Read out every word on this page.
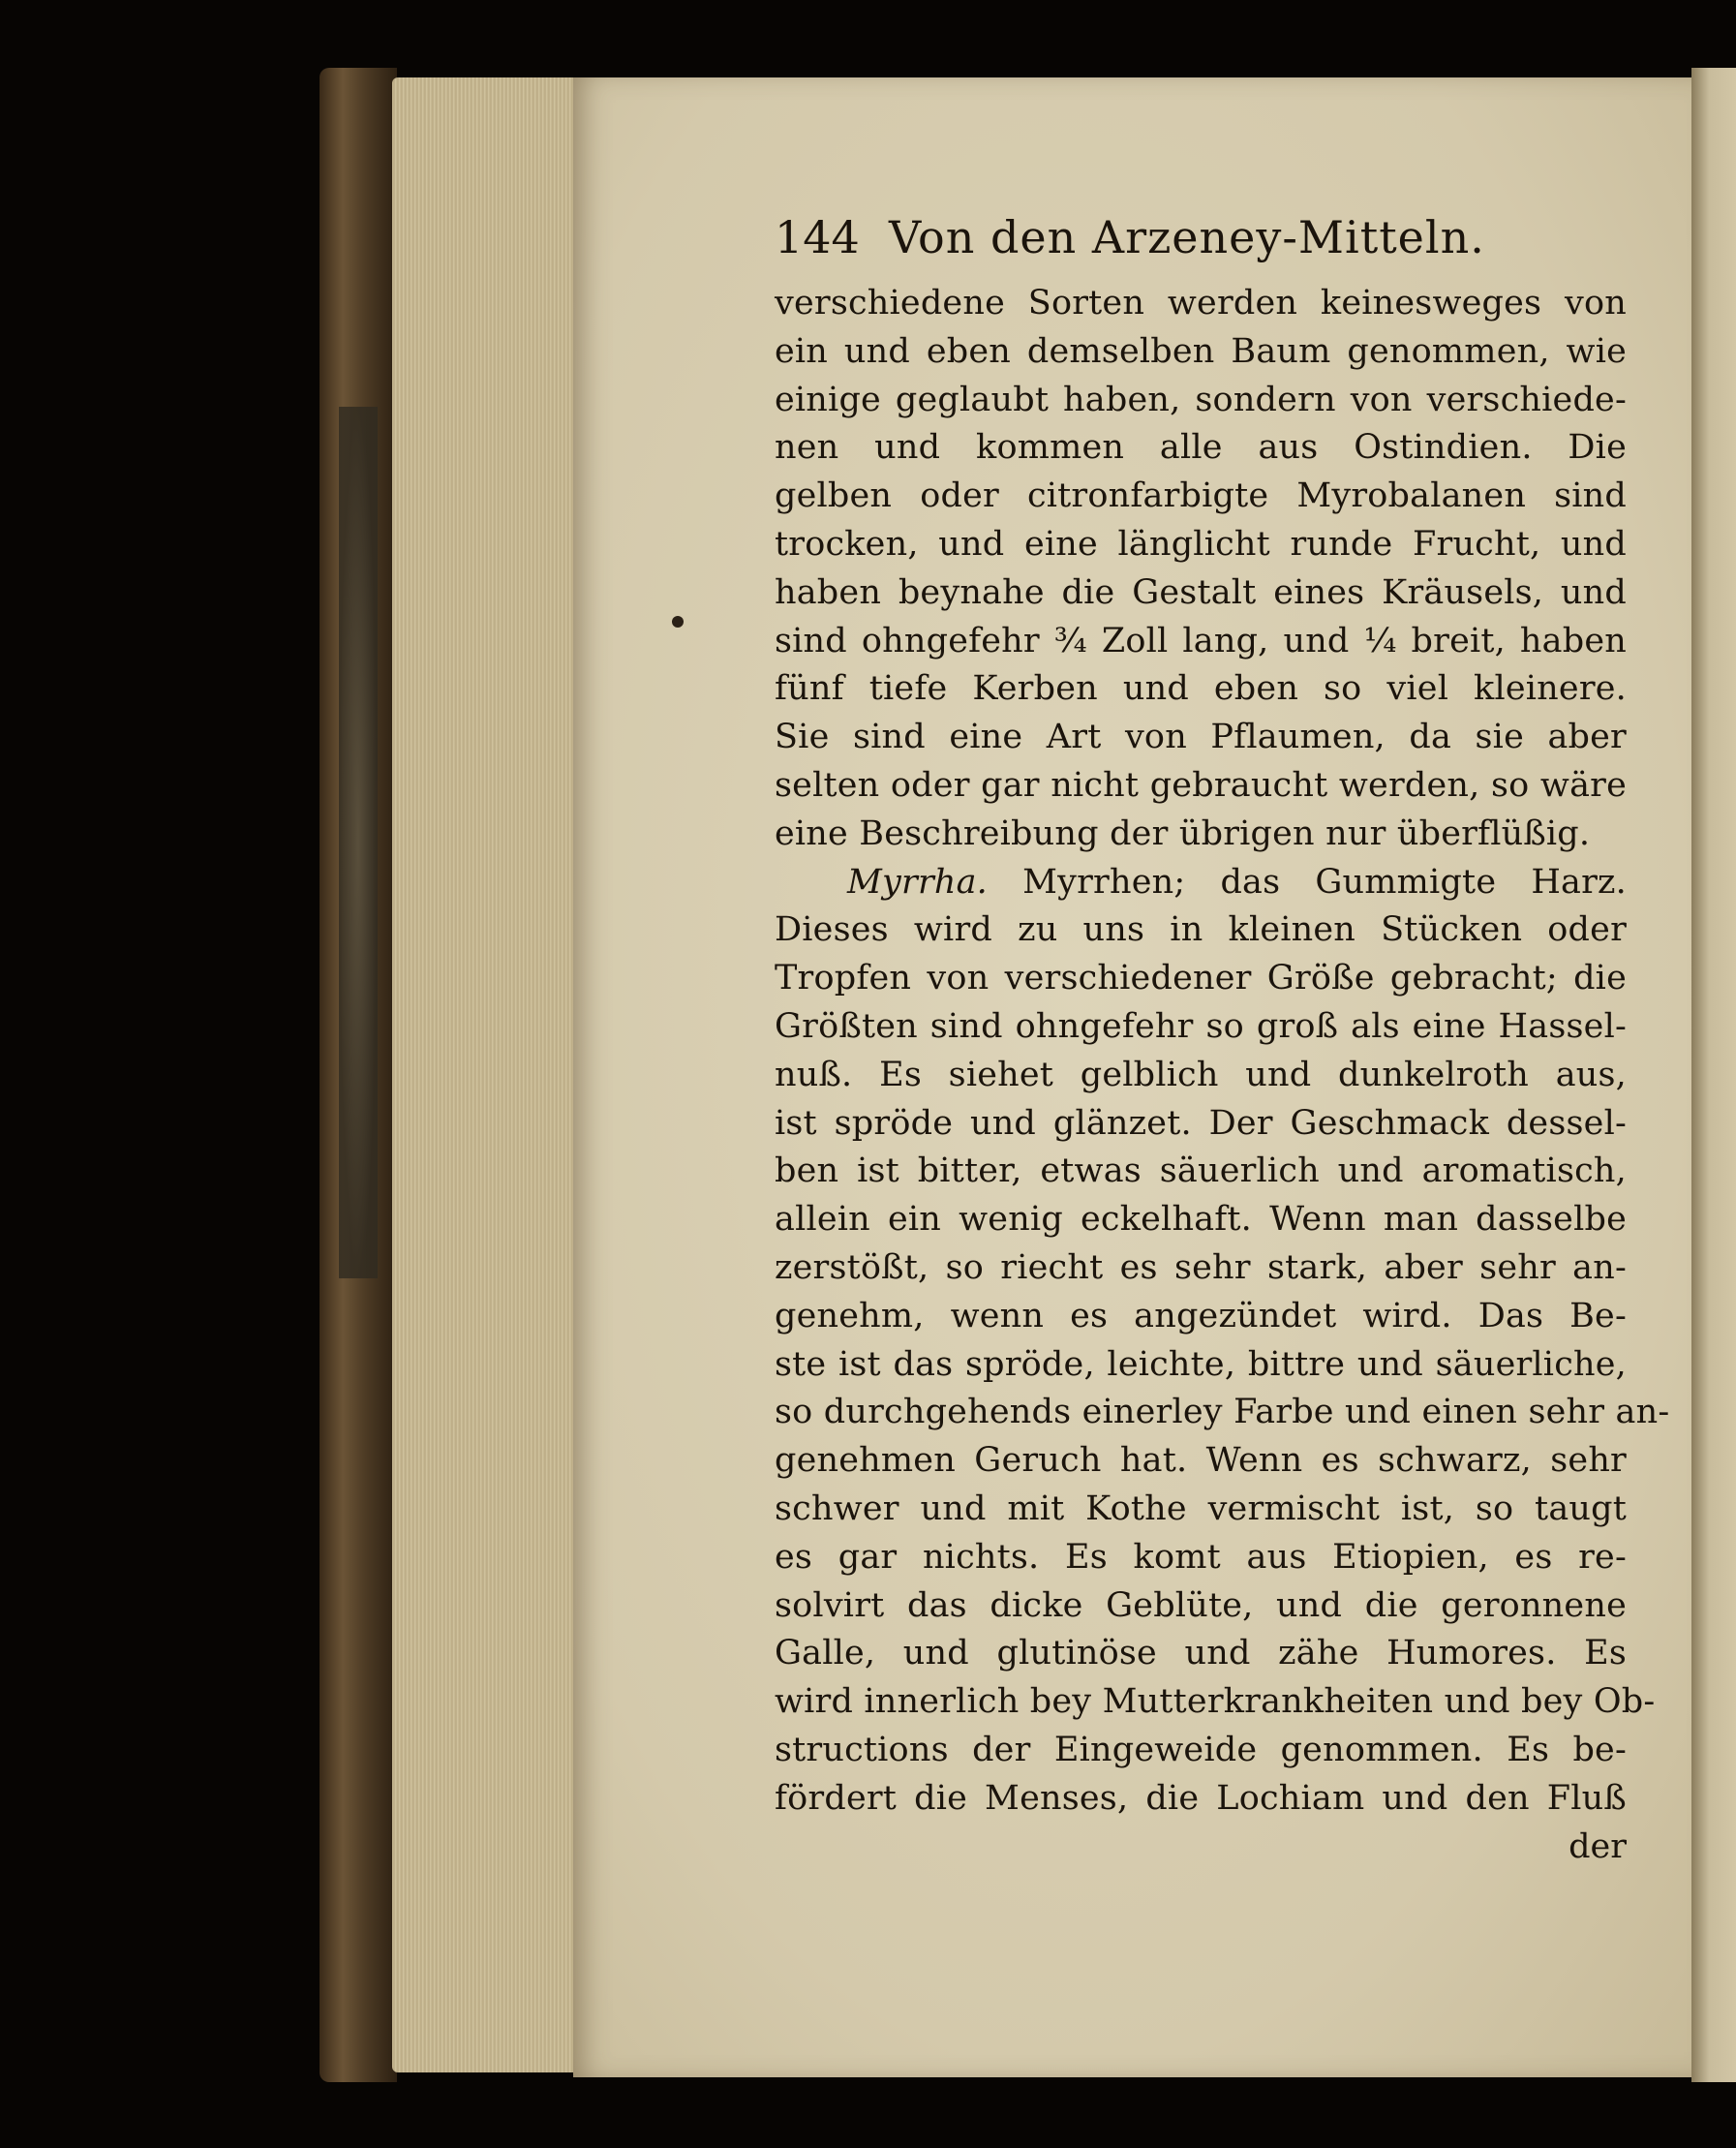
144 Von den Arzeney-Mitteln.
verschiedene Sorten werden keinesweges von
ein und eben demselben Baum genommen, wie
einige geglaubt haben, sondern von verschiede-
nen und kommen alle aus Ostindien. Die
gelben oder citronfarbigte Myrobalanen sind
trocken, und eine länglicht runde Frucht, und
haben beynahe die Gestalt eines Kräusels, und
sind ohngefehr ¾ Zoll lang, und ¼ breit, haben
fünf tiefe Kerben und eben so viel kleinere.
Sie sind eine Art von Pflaumen, da sie aber
selten oder gar nicht gebraucht werden, so wäre
eine Beschreibung der übrigen nur überflüßig.
Myrrha. Myrrhen; das Gummigte Harz.
Dieses wird zu uns in kleinen Stücken oder
Tropfen von verschiedener Größe gebracht; die
Größten sind ohngefehr so groß als eine Hassel-
nuß. Es siehet gelblich und dunkelroth aus,
ist spröde und glänzet. Der Geschmack dessel-
ben ist bitter, etwas säuerlich und aromatisch,
allein ein wenig eckelhaft. Wenn man dasselbe
zerstößt, so riecht es sehr stark, aber sehr an-
genehm, wenn es angezündet wird. Das Be-
ste ist das spröde, leichte, bittre und säuerliche,
so durchgehends einerley Farbe und einen sehr an-
genehmen Geruch hat. Wenn es schwarz, sehr
schwer und mit Kothe vermischt ist, so taugt
es gar nichts. Es komt aus Etiopien, es re-
solvirt das dicke Geblüte, und die geronnene
Galle, und glutinöse und zähe Humores. Es
wird innerlich bey Mutterkrankheiten und bey Ob-
structions der Eingeweide genommen. Es be-
fördert die Menses, die Lochiam und den Fluß
der
